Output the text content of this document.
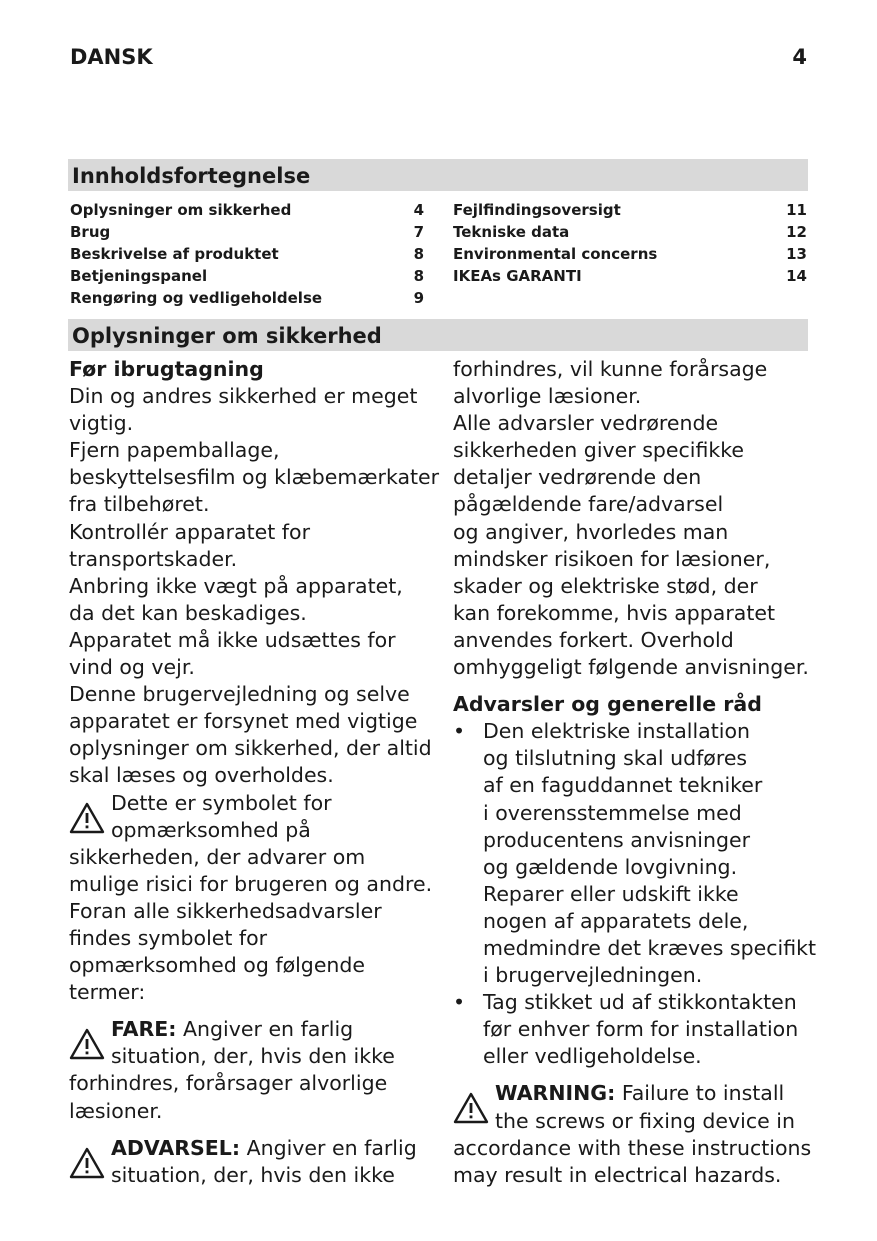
DANSK	4
Innholdsfortegnelse
Oplysninger om sikkerhed	4
Brug	7
Beskrivelse af produktet	8
Betjeningspanel	8
Rengøring og vedligeholdelse	9
Fejlfindingsoversigt	11
Tekniske data	12
Environmental concerns	13
IKEAs GARANTI	14
Oplysninger om sikkerhed
Før ibrugtagning
Din og andres sikkerhed er meget
vigtig.
Fjern papemballage,
beskyttelsesfilm og klæbemærkater
fra tilbehøret.
Kontrollér apparatet for
transportskader.
Anbring ikke vægt på apparatet,
da det kan beskadiges.
Apparatet må ikke udsættes for
vind og vejr.
Denne brugervejledning og selve
apparatet er forsynet med vigtige
oplysninger om sikkerhed, der altid
skal læses og overholdes.
Dette er symbolet for
opmærksomhed på
sikkerheden, der advarer om
mulige risici for brugeren og andre.
Foran alle sikkerhedsadvarsler
findes symbolet for
opmærksomhed og følgende
termer:
FARE: Angiver en farlig
situation, der, hvis den ikke
forhindres, forårsager alvorlige
læsioner.
ADVARSEL: Angiver en farlig
situation, der, hvis den ikke
forhindres, vil kunne forårsage
alvorlige læsioner.
Alle advarsler vedrørende
sikkerheden giver specifikke
detaljer vedrørende den
pågældende fare/advarsel
og angiver, hvorledes man
mindsker risikoen for læsioner,
skader og elektriske stød, der
kan forekomme, hvis apparatet
anvendes forkert. Overhold
omhyggeligt følgende anvisninger.
Advarsler og generelle råd
• Den elektriske installation
og tilslutning skal udføres
af en faguddannet tekniker
i overensstemmelse med
producentens anvisninger
og gældende lovgivning.
Reparer eller udskift ikke
nogen af apparatets dele,
medmindre det kræves specifikt
i brugervejledningen.
• Tag stikket ud af stikkontakten
før enhver form for installation
eller vedligeholdelse.
WARNING: Failure to install
the screws or fixing device in
accordance with these instructions
may result in electrical hazards.
